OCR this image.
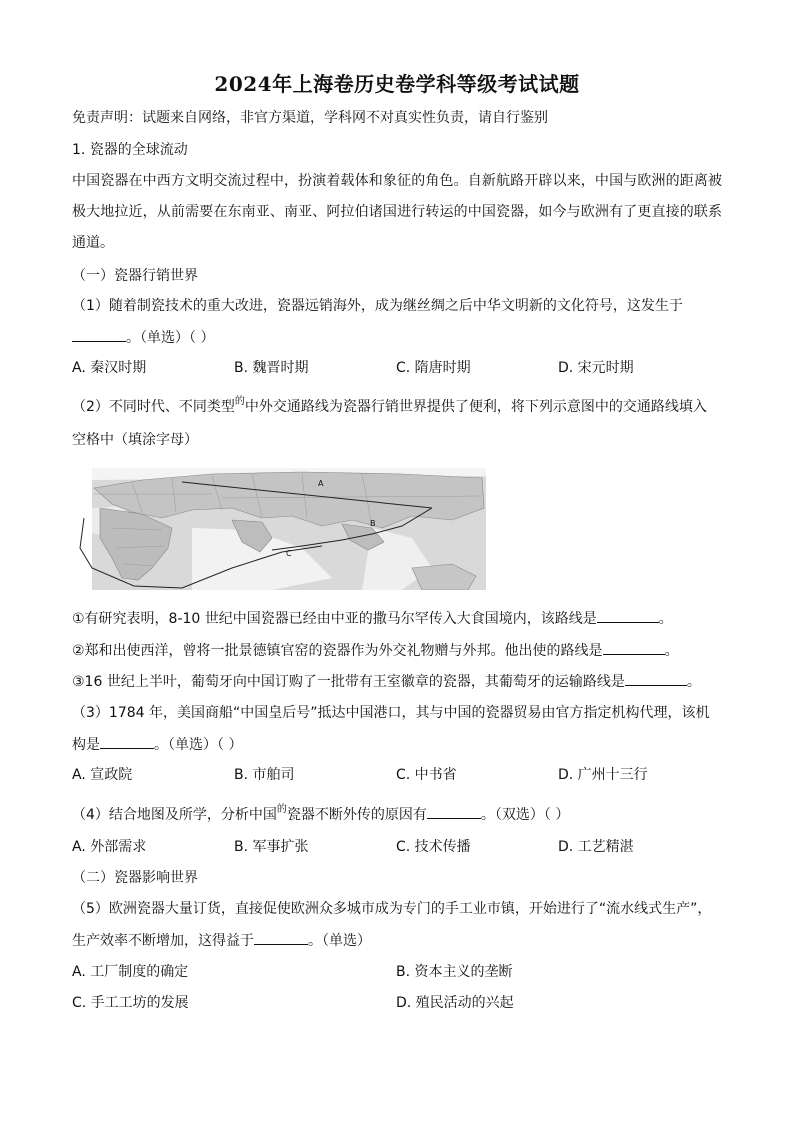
2024年上海卷历史卷学科等级考试试题
免责声明：试题来自网络，非官方渠道，学科网不对真实性负责，请自行鉴别
1. 瓷器的全球流动
中国瓷器在中西方文明交流过程中，扮演着载体和象征的角色。自新航路开辟以来，中国与欧洲的距离被极大地拉近，从前需要在东南亚、南亚、阿拉伯诸国进行转运的中国瓷器，如今与欧洲有了更直接的联系通道。
（一）瓷器行销世界
（1）随着制瓷技术的重大改进，瓷器远销海外，成为继丝绸之后中华文明新的文化符号，这发生于
。（单选）（ ）
A. 秦汉时期	B. 魏晋时期	C. 隋唐时期	D. 宋元时期
（2）不同时代、不同类型$^的$中外交通路线为瓷器行销世界提供了便利，将下列示意图中的交通路线填入
空格中（填涂字母）
A
B
C
①有研究表明，8-10 世纪中国瓷器已经由中亚的撒马尔罕传入大食国境内，该路线是	。
②郑和出使西洋，曾将一批景德镇官窑的瓷器作为外交礼物赠与外邦。他出使的路线是	。
③16 世纪上半叶，葡萄牙向中国订购了一批带有王室徽章的瓷器，其葡萄牙的运输路线是	。
（3）1784 年，美国商船“中国皇后号”抵达中国港口，其与中国的瓷器贸易由官方指定机构代理，该机
构是	。（单选）（ ）
A. 宣政院	B. 市舶司	C. 中书省	D. 广州十三行
（4）结合地图及所学，分析中国$^的$瓷器不断外传的原因有	。（双选）（ ）
A. 外部需求	B. 军事扩张	C. 技术传播	D. 工艺精湛
（二）瓷器影响世界
（5）欧洲瓷器大量订货，直接促使欧洲众多城市成为专门的手工业市镇，开始进行了“流水线式生产”，
生产效率不断增加，这得益于	。（单选）
A. 工厂制度的确定	B. 资本主义的垄断
C. 手工工坊的发展	D. 殖民活动的兴起
